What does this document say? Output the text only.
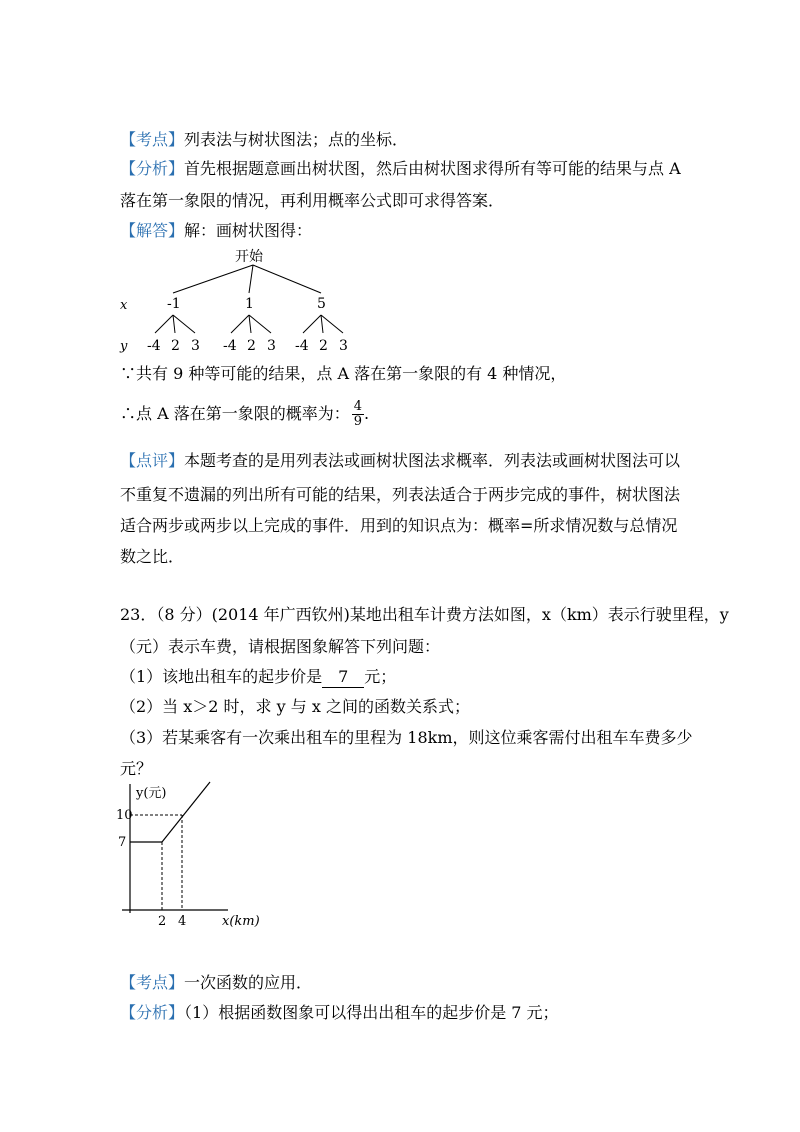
【考点】列表法与树状图法；点的坐标．
【分析】首先根据题意画出树状图，然后由树状图求得所有等可能的结果与点 A
落在第一象限的情况，再利用概率公式即可求得答案．
【解答】解：画树状图得：
开始
x	-1	1	5
y -4 2 3 -4 2 3 -4 2 3
∵共有 9 种等可能的结果，点 A 落在第一象限的有 4 种情况，
∴点 A 落在第一象限的概率为： $\frac{4}{9}$ .
【点评】本题考查的是用列表法或画树状图法求概率．列表法或画树状图法可以
不重复不遗漏的列出所有可能的结果，列表法适合于两步完成的事件，树状图法
适合两步或两步以上完成的事件．用到的知识点为：概率=所求情况数与总情况
数之比．
23．（8 分）(2014 年广西钦州)某地出租车计费方法如图，x（km）表示行驶里程，y
（元）表示车费，请根据图象解答下列问题：
（1）该地出租车的起步价是 7 元；
（2）当 x＞2 时，求 y 与 x 之间的函数关系式；
（3）若某乘客有一次乘出租车的里程为 18km，则这位乘客需付出租车车费多少
元？
y(元)
10
7
2 4	x(km)
【考点】一次函数的应用．
【分析】（1）根据函数图象可以得出出租车的起步价是 7 元；
